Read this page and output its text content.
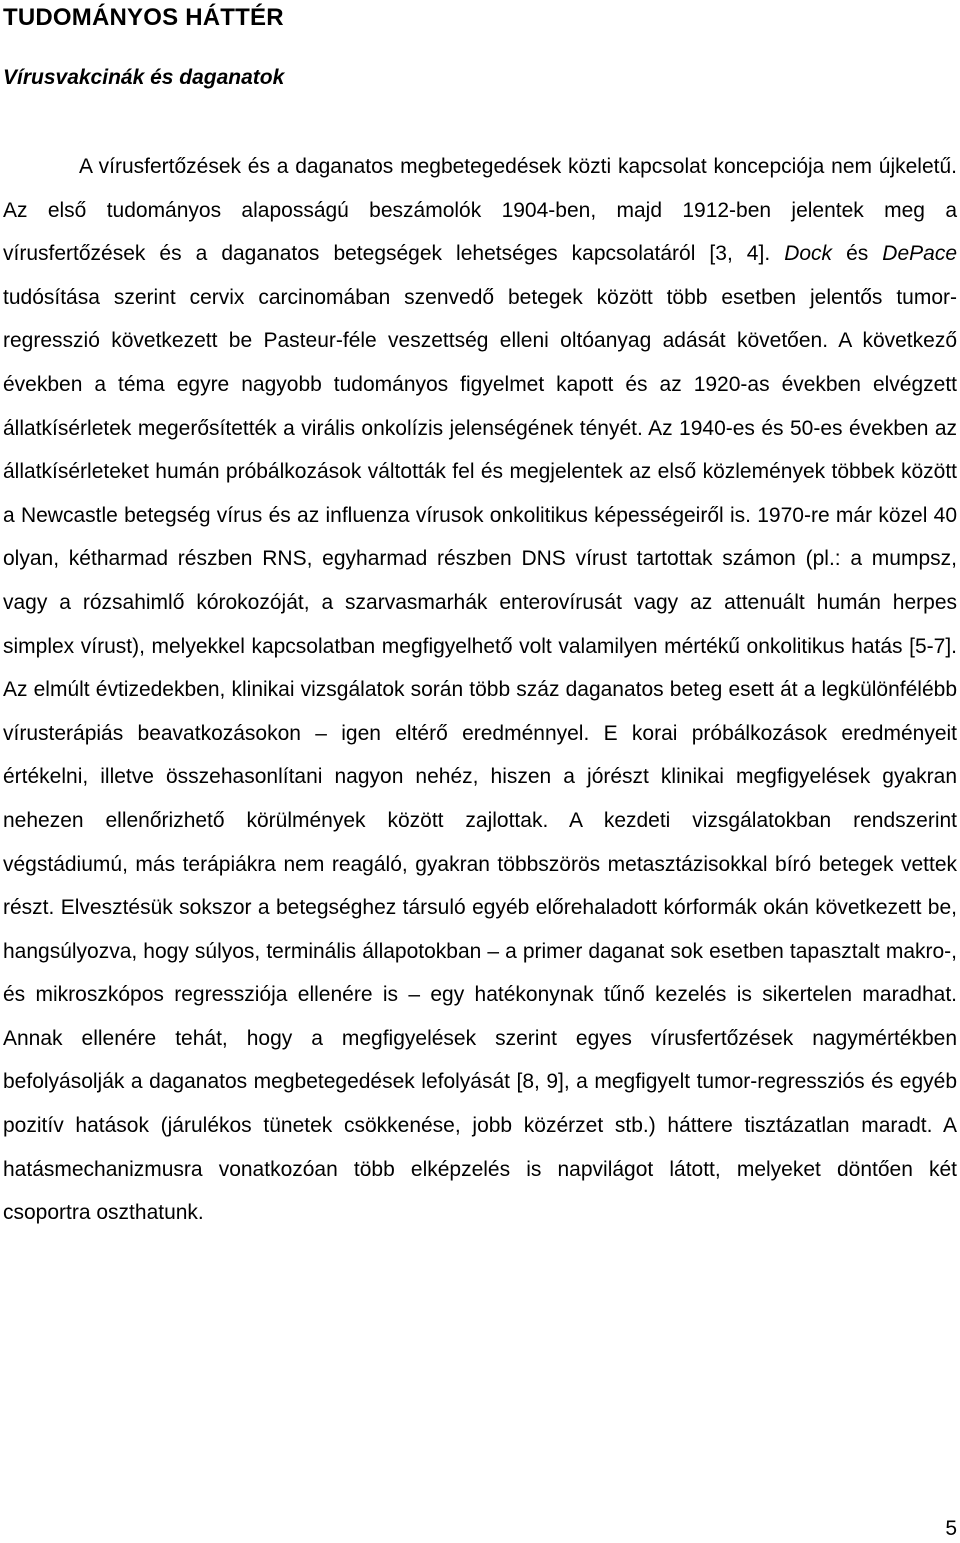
TUDOMÁNYOS HÁTTÉR
Vírusvakcinák és daganatok

A vírusfertőzések és a daganatos megbetegedések közti kapcsolat koncepciója nem újkeletű. Az első tudományos alaposságú beszámolók 1904-ben, majd 1912-ben jelentek meg a vírusfertőzések és a daganatos betegségek lehetséges kapcsolatáról [3, 4]. Dock és DePace tudósítása szerint cervix carcinomában szenvedő betegek között több esetben jelentős tumor-regresszió következett be Pasteur-féle veszettség elleni oltóanyag adását követően. A következő években a téma egyre nagyobb tudományos figyelmet kapott és az 1920-as években elvégzett állatkísérletek megerősítették a virális onkolízis jelenségének tényét. Az 1940-es és 50-es években az állatkísérleteket humán próbálkozások váltották fel és megjelentek az első közlemények többek között a Newcastle betegség vírus és az influenza vírusok onkolitikus képességeiről is. 1970-re már közel 40 olyan, kétharmad részben RNS, egyharmad részben DNS vírust tartottak számon (pl.: a mumpsz, vagy a rózsahimlő kórokozóját, a szarvasmarhák enterovírusát vagy az attenuált humán herpes simplex vírust), melyekkel kapcsolatban megfigyelhető volt valamilyen mértékű onkolitikus hatás [5-7]. Az elmúlt évtizedekben, klinikai vizsgálatok során több száz daganatos beteg esett át a legkülönfélébb vírusterápiás beavatkozásokon – igen eltérő eredménnyel. E korai próbálkozások eredményeit értékelni, illetve összehasonlítani nagyon nehéz, hiszen a jórészt klinikai megfigyelések gyakran nehezen ellenőrizhető körülmények között zajlottak. A kezdeti vizsgálatokban rendszerint végstádiumú, más terápiákra nem reagáló, gyakran többszörös metasztázisokkal bíró betegek vettek részt. Elvesztésük sokszor a betegséghez társuló egyéb előrehaladott kórformák okán következett be, hangsúlyozva, hogy súlyos, terminális állapotokban – a primer daganat sok esetben tapasztalt makro-, és mikroszkópos regressziója ellenére is – egy hatékonynak tűnő kezelés is sikertelen maradhat. Annak ellenére tehát, hogy a megfigyelések szerint egyes vírusfertőzések nagymértékben befolyásolják a daganatos megbetegedések lefolyását [8, 9], a megfigyelt tumor-regressziós és egyéb pozitív hatások (járulékos tünetek csökkenése, jobb közérzet stb.) háttere tisztázatlan maradt. A hatásmechanizmusra vonatkozóan több elképzelés is napvilágot látott, melyeket döntően két csoportra oszthatunk.

5
